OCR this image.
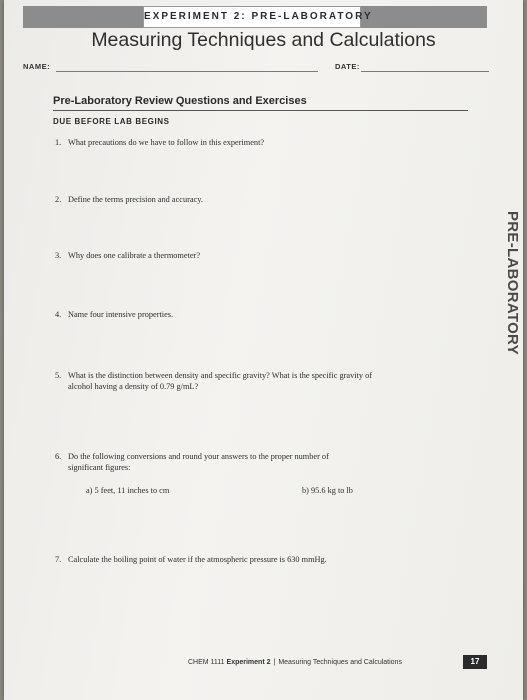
EXPERIMENT 2: PRE-LABORATORY
Measuring Techniques and Calculations
NAME:	DATE:
Pre-Laboratory Review Questions and Exercises
DUE BEFORE LAB BEGINS
1. What precautions do we have to follow in this experiment?
2. Define the terms precision and accuracy.
3. Why does one calibrate a thermometer?
4. Name four intensive properties.
5. What is the distinction between density and specific gravity? What is the specific gravity of
alcohol having a density of 0.79 g/mL?
6. Do the following conversions and round your answers to the proper number of
significant figures:
a) 5 feet, 11 inches to cm	b) 95.6 kg to lb
7. Calculate the boiling point of water if the atmospheric pressure is 630 mmHg.
PRE-LABORATORY
CHEM 1111 Experiment 2 | Measuring Techniques and Calculations	17
